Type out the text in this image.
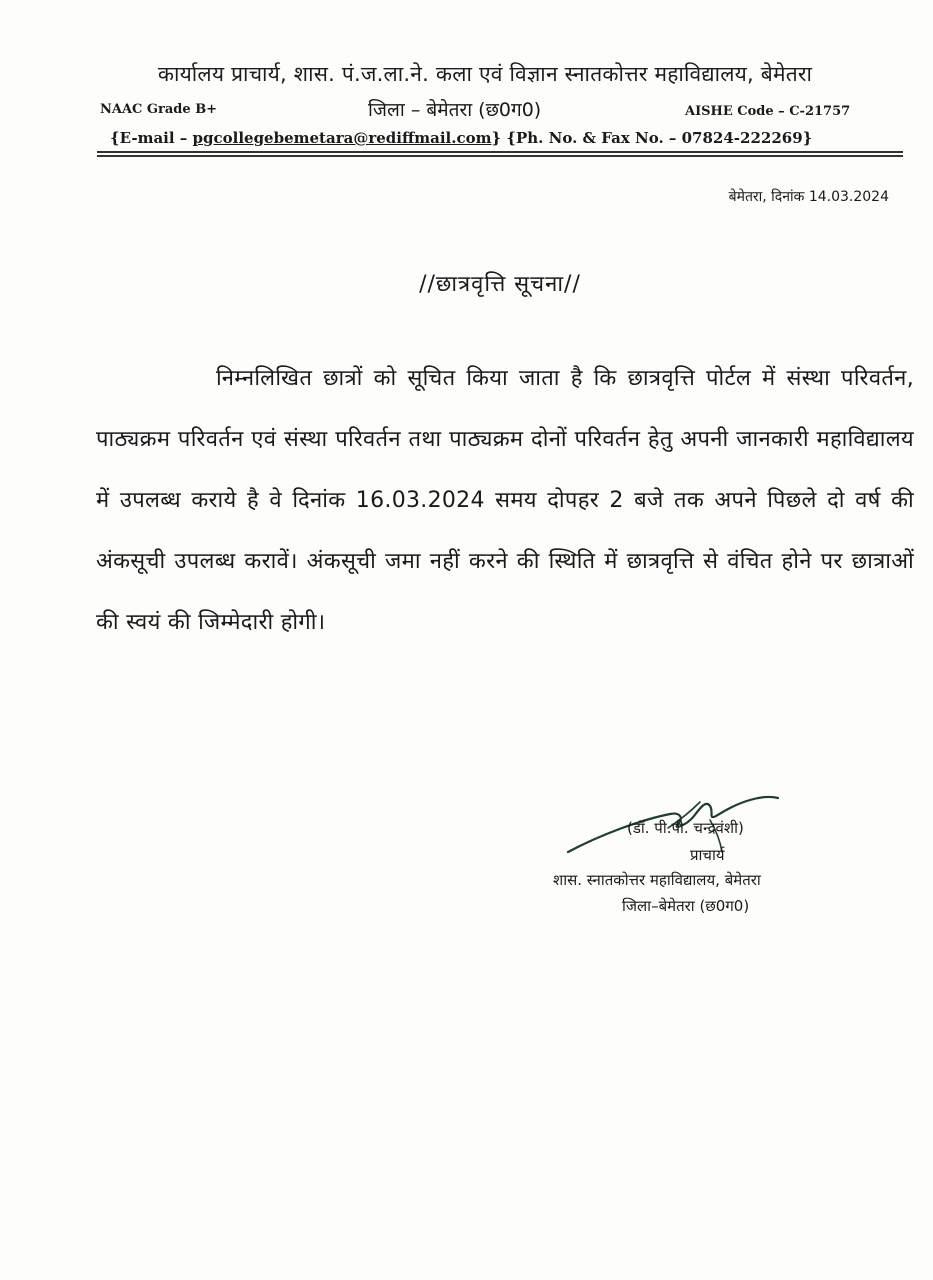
कार्यालय प्राचार्य, शास. पं.ज.ला.ने. कला एवं विज्ञान स्नातकोत्तर महाविद्यालय, बेमेतरा
NAAC Grade B+	जिला – बेमेतरा (छ0ग0)	AISHE Code – C-21757
{E-mail – pgcollegebemetara@rediffmail.com} {Ph. No. & Fax No. – 07824-222269}
बेमेतरा, दिनांक 14.03.2024
//छात्रवृत्ति सूचना//
निम्नलिखित छात्रों को सूचित किया जाता है कि छात्रवृत्ति पोर्टल में संस्था परिवर्तन, पाठ्यक्रम परिवर्तन एवं संस्था परिवर्तन तथा पाठ्यक्रम दोनों परिवर्तन हेतु अपनी जानकारी महाविद्यालय में उपलब्ध कराये है वे दिनांक 16.03.2024 समय दोपहर 2 बजे तक अपने पिछले दो वर्ष की अंकसूची उपलब्ध करावें। अंकसूची जमा नहीं करने की स्थिति में छात्रवृत्ति से वंचित होने पर छात्राओं की स्वयं की जिम्मेदारी होगी।
(डॉ. पी.पी. चन्द्रवंशी)
प्राचार्य
शास. स्नातकोत्तर महाविद्यालय, बेमेतरा
जिला–बेमेतरा (छ0ग0)
